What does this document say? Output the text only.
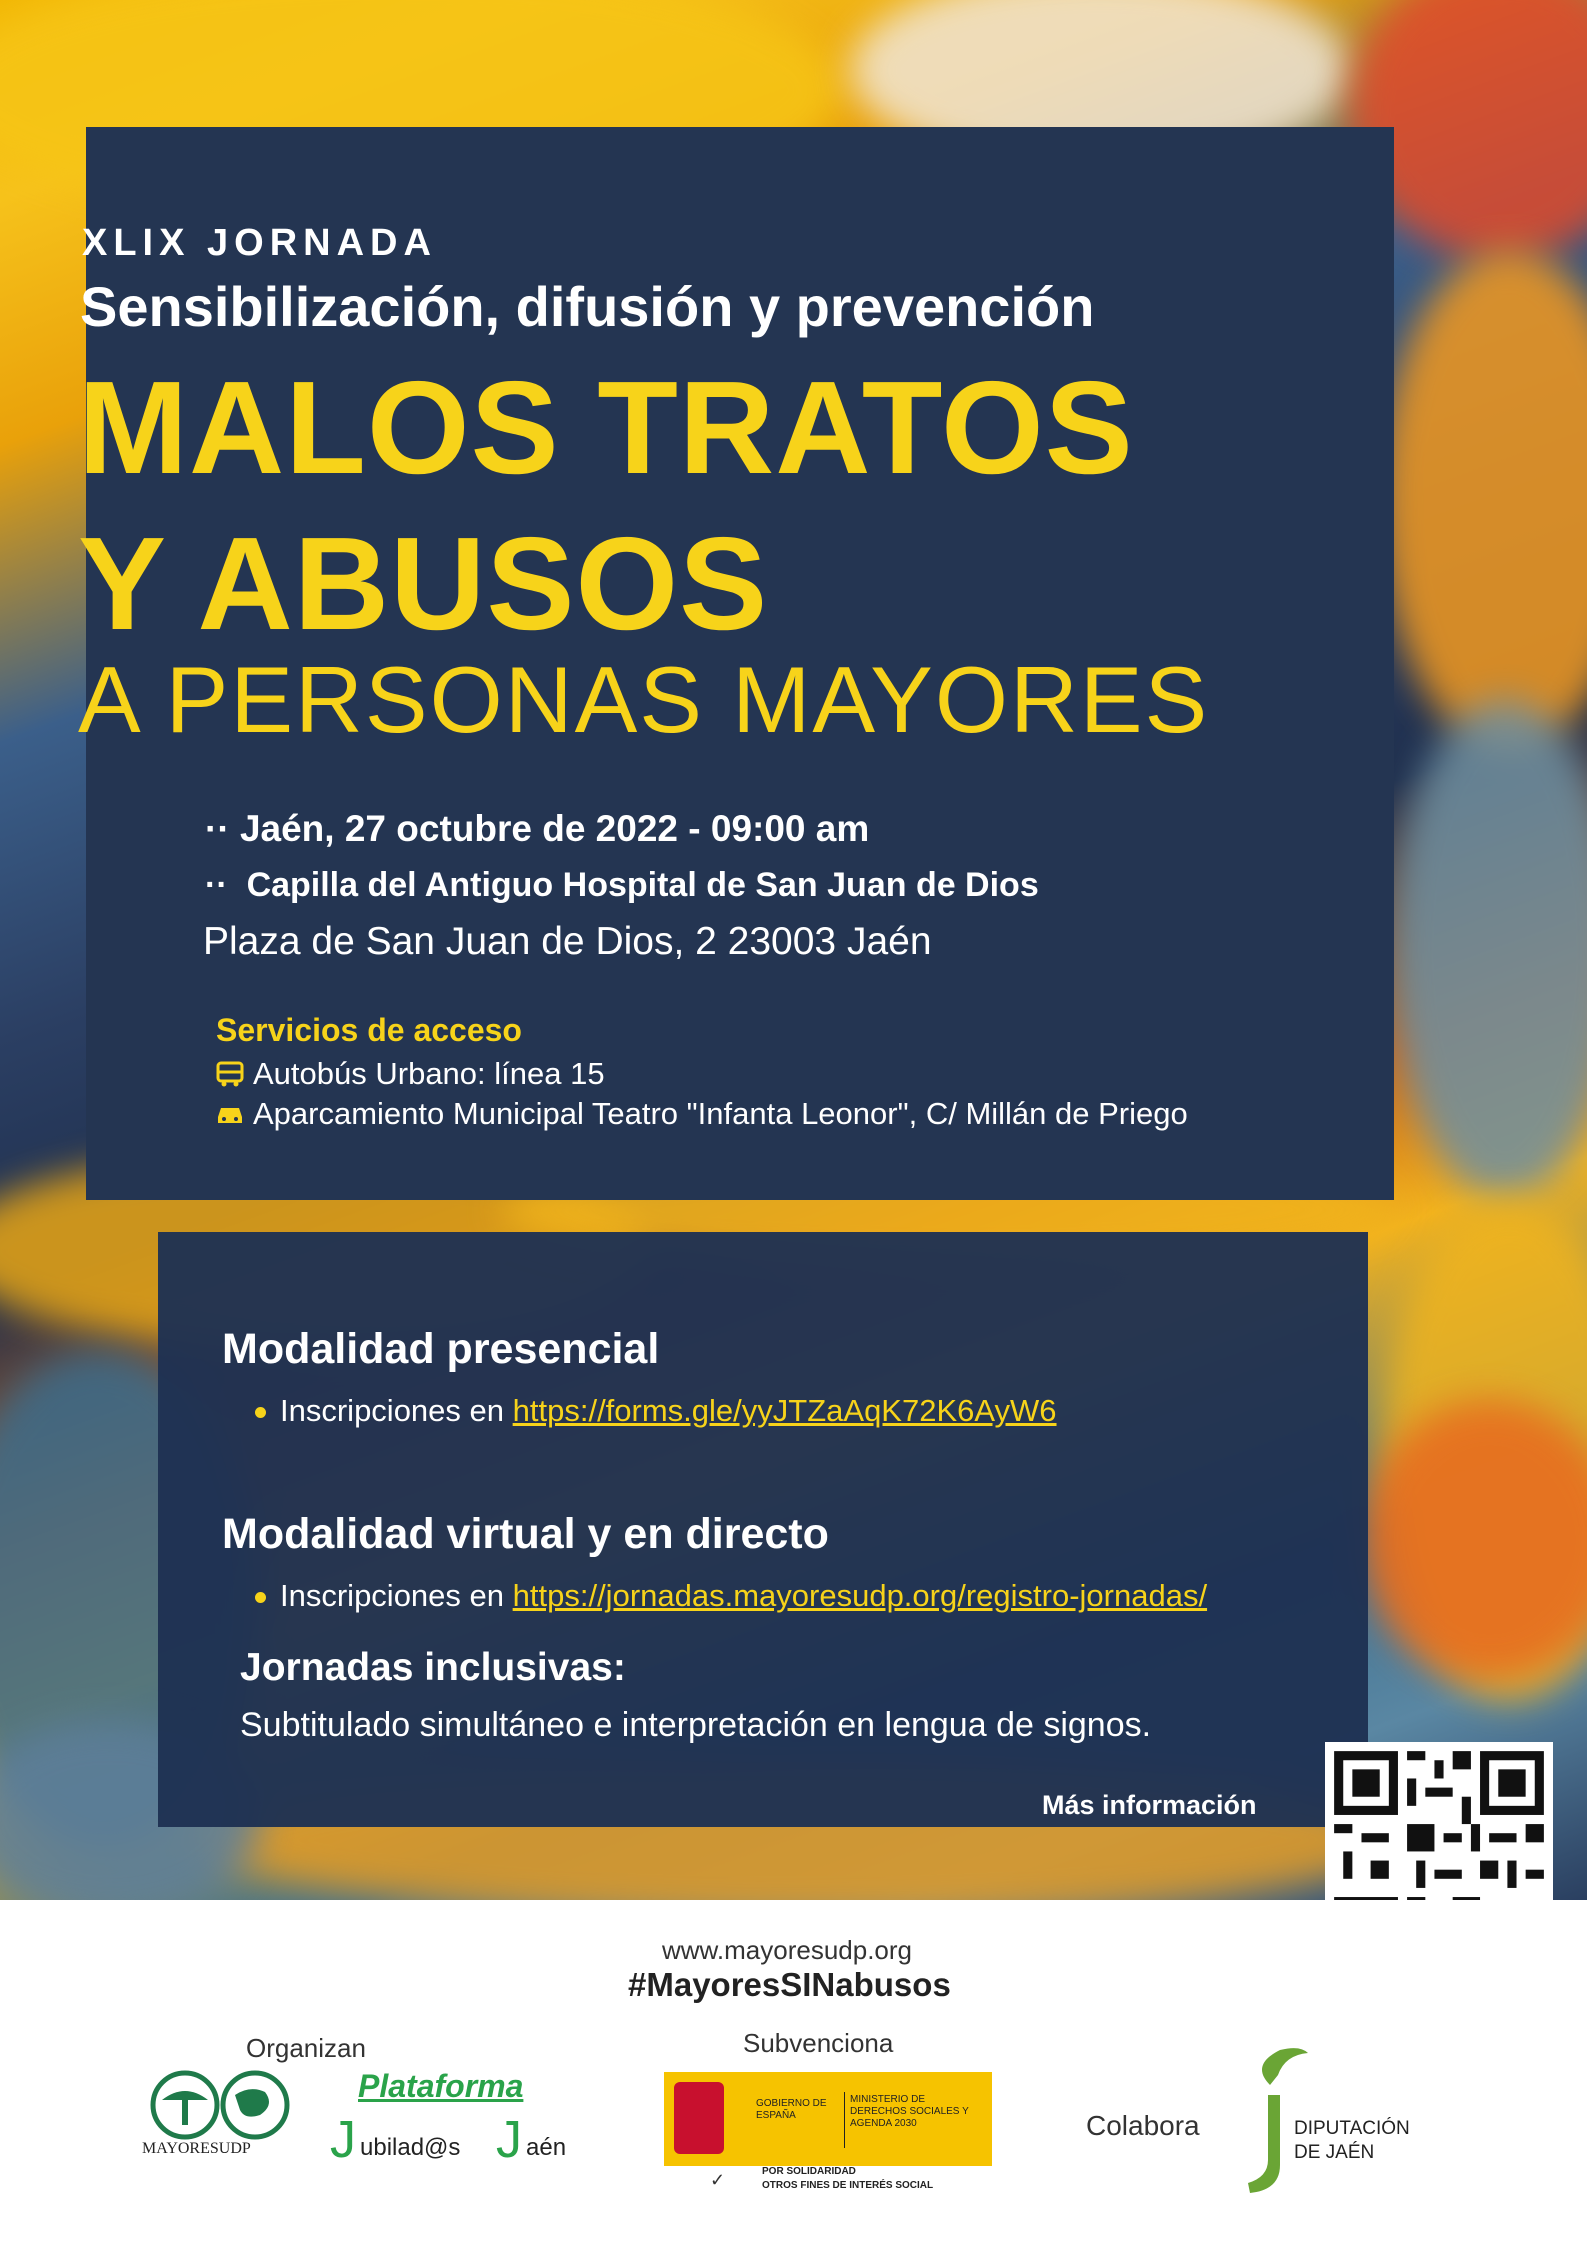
XLIX JORNADA
Sensibilización, difusión y prevención
MALOS TRATOS
Y ABUSOS
A PERSONAS MAYORES
·· Jaén, 27 octubre de 2022 - 09:00 am
·· Capilla del Antiguo Hospital de San Juan de Dios
Plaza de San Juan de Dios, 2 23003 Jaén
Servicios de acceso
Autobús Urbano: línea 15
Aparcamiento Municipal Teatro "Infanta Leonor", C/ Millán de Priego
Modalidad presencial
Inscripciones en https://forms.gle/yyJTZaAqK72K6AyW6
Modalidad virtual y en directo
Inscripciones en https://jornadas.mayoresudp.org/registro-jornadas/
Jornadas inclusivas:
Subtitulado simultáneo e interpretación en lengua de signos.
Más información
www.mayoresudp.org
#MayoresSINabusos
Organizan	Subvenciona
Colabora
MAYORESUDP
Plataforma
J ubilad@s J aén
GOBIERNO DE ESPAÑA
MINISTERIO DE DERECHOS SOCIALES Y AGENDA 2030
✓	POR SOLIDARIDAD
OTROS FINES DE INTERÉS SOCIAL
DIPUTACIÓN DE JAÉN
